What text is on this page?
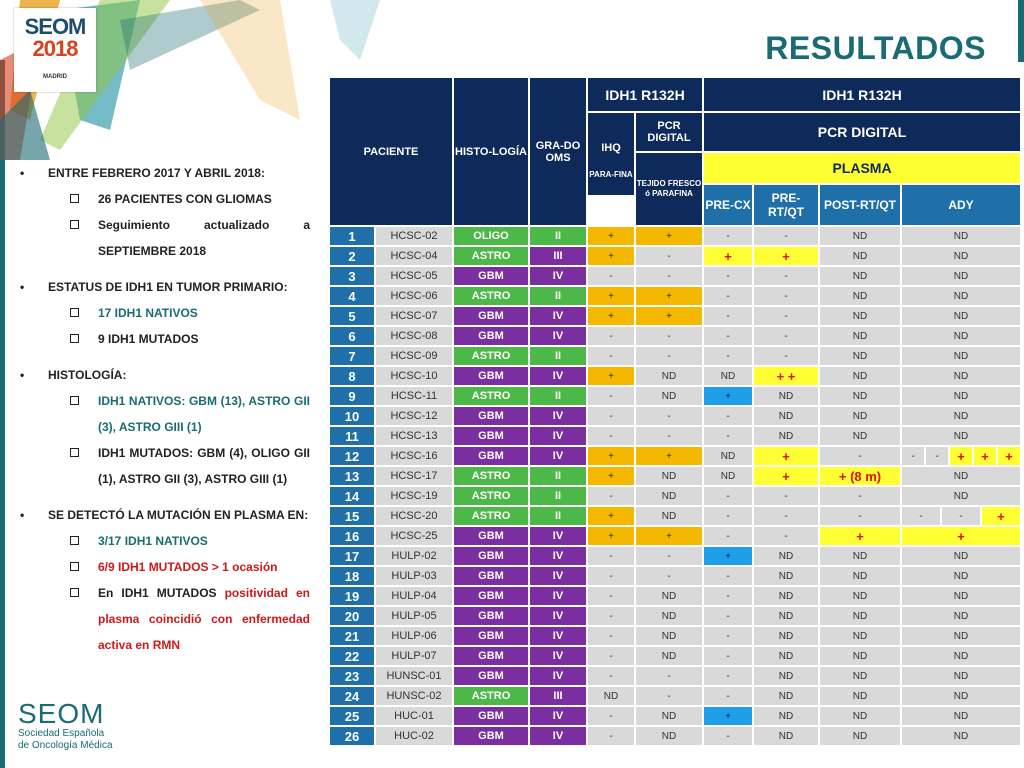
SEOM
2018
MADRID
RESULTADOS
• ENTRE FEBRERO 2017 Y ABRIL 2018:
26 PACIENTES CON GLIOMAS
Seguimiento actualizado a SEPTIEMBRE 2018
• ESTATUS DE IDH1 EN TUMOR PRIMARIO:
17 IDH1 NATIVOS
9 IDH1 MUTADOS
• HISTOLOGÍA:
IDH1 NATIVOS: GBM (13), ASTRO GII (3), ASTRO GIII (1)
IDH1 MUTADOS: GBM (4), OLIGO GII (1), ASTRO GII (3), ASTRO GIII (1)
• SE DETECTÓ LA MUTACIÓN EN PLASMA EN:
3/17 IDH1 NATIVOS
6/9 IDH1 MUTADOS > 1 ocasión
En IDH1 MUTADOS positividad en plasma coincidió con enfermedad activa en RMN
SEOM
Sociedad Española
de Oncología Médica
PACIENTE		HISTO-LOGÍA	GRA-DO OMS	IDH1 R132H		IDH1 R132H			
				IHQ	PCR DIGITAL	PCR DIGITAL			
					TEJIDO FRESCO ó PARAFINA	PLASMA			
				PARA-FINA		PRE-CX	PRE-RT/QT	POST-RT/QT	ADY
1	HCSC-02	OLIGO	II	+	+	-	-	ND	ND
2	HCSC-04	ASTRO	III	+	-	+	+	ND	ND
3	HCSC-05	GBM	IV	-	-	-	-	ND	ND
4	HCSC-06	ASTRO	II	+	+	-	-	ND	ND
5	HCSC-07	GBM	IV	+	+	-	-	ND	ND
6	HCSC-08	GBM	IV	-	-	-	-	ND	ND
7	HCSC-09	ASTRO	II	-	-	-	-	ND	ND
8	HCSC-10	GBM	IV	+	ND	ND	+ +	ND	ND
9	HCSC-11	ASTRO	II	-	ND	+	ND	ND	ND
10	HCSC-12	GBM	IV	-	-	-	ND	ND	ND
11	HCSC-13	GBM	IV	-	-	-	ND	ND	ND
12	HCSC-16	GBM	IV	+	+	ND	+	-	- - + + +

13	HCSC-17	ASTRO	II	+	ND	ND	+	+ (8 m)	ND
14	HCSC-19	ASTRO	II	-	ND	-	-	-	ND
15	HCSC-20	ASTRO	II	+	ND	-	-	-	- - +

16	HCSC-25	GBM	IV	+	+	-	-	+	+
17	HULP-02	GBM	IV	-	-	+	ND	ND	ND
18	HULP-03	GBM	IV	-	-	-	ND	ND	ND
19	HULP-04	GBM	IV	-	ND	-	ND	ND	ND
20	HULP-05	GBM	IV	-	ND	-	ND	ND	ND
21	HULP-06	GBM	IV	-	ND	-	ND	ND	ND
22	HULP-07	GBM	IV	-	ND	-	ND	ND	ND
23	HUNSC-01	GBM	IV	-	-	-	ND	ND	ND
24	HUNSC-02	ASTRO	III	ND	-	-	ND	ND	ND
25	HUC-01	GBM	IV	-	ND	+	ND	ND	ND
26	HUC-02	GBM	IV	-	ND	-	ND	ND	ND
